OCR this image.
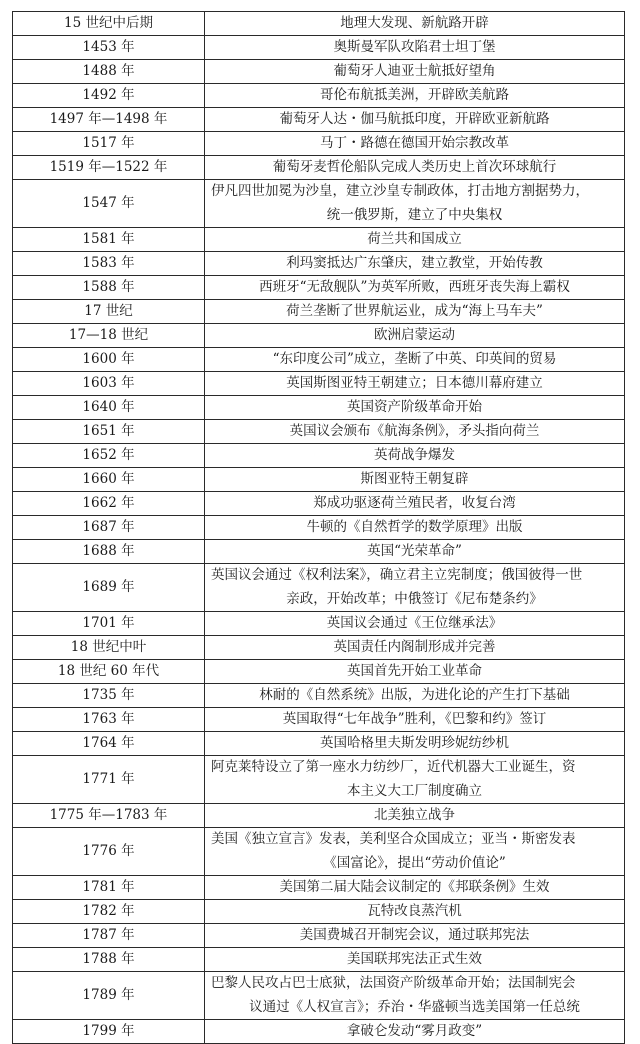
15 世纪中后期	地理大发现、新航路开辟
1453 年	奥斯曼军队攻陷君士坦丁堡
1488 年	葡萄牙人迪亚士航抵好望角
1492 年	哥伦布航抵美洲，开辟欧美航路
1497 年—1498 年	葡萄牙人达・伽马航抵印度，开辟欧亚新航路
1517 年	马丁・路德在德国开始宗教改革
1519 年—1522 年	葡萄牙麦哲伦船队完成人类历史上首次环球航行
1547 年	伊凡四世加冕为沙皇，建立沙皇专制政体，打击地方割据势力，
统一俄罗斯，建立了中央集权

1581 年	荷兰共和国成立
1583 年	利玛窦抵达广东肇庆，建立教堂，开始传教
1588 年	西班牙“无敌舰队”为英军所败，西班牙丧失海上霸权
17 世纪	荷兰垄断了世界航运业，成为“海上马车夫”
17—18 世纪	欧洲启蒙运动
1600 年	“东印度公司”成立，垄断了中英、印英间的贸易
1603 年	英国斯图亚特王朝建立；日本德川幕府建立
1640 年	英国资产阶级革命开始
1651 年	英国议会颁布《航海条例》，矛头指向荷兰
1652 年	英荷战争爆发
1660 年	斯图亚特王朝复辟
1662 年	郑成功驱逐荷兰殖民者，收复台湾
1687 年	牛顿的《自然哲学的数学原理》出版
1688 年	英国“光荣革命”
1689 年	英国议会通过《权利法案》，确立君主立宪制度；俄国彼得一世
亲政，开始改革；中俄签订《尼布楚条约》

1701 年	英国议会通过《王位继承法》
18 世纪中叶	英国责任内阁制形成并完善
18 世纪 60 年代	英国首先开始工业革命
1735 年	林耐的《自然系统》出版，为进化论的产生打下基础
1763 年	英国取得“七年战争”胜利，《巴黎和约》签订
1764 年	英国哈格里夫斯发明珍妮纺纱机
1771 年	阿克莱特设立了第一座水力纺纱厂，近代机器大工业诞生，资
本主义大工厂制度确立

1775 年—1783 年	北美独立战争
1776 年	美国《独立宣言》发表，美利坚合众国成立；亚当・斯密发表
《国富论》，提出“劳动价值论”

1781 年	美国第二届大陆会议制定的《邦联条例》生效
1782 年	瓦特改良蒸汽机
1787 年	美国费城召开制宪会议，通过联邦宪法
1788 年	美国联邦宪法正式生效
1789 年	巴黎人民攻占巴士底狱，法国资产阶级革命开始；法国制宪会
议通过《人权宣言》；乔治・华盛顿当选美国第一任总统

1799 年	拿破仑发动“雾月政变”
